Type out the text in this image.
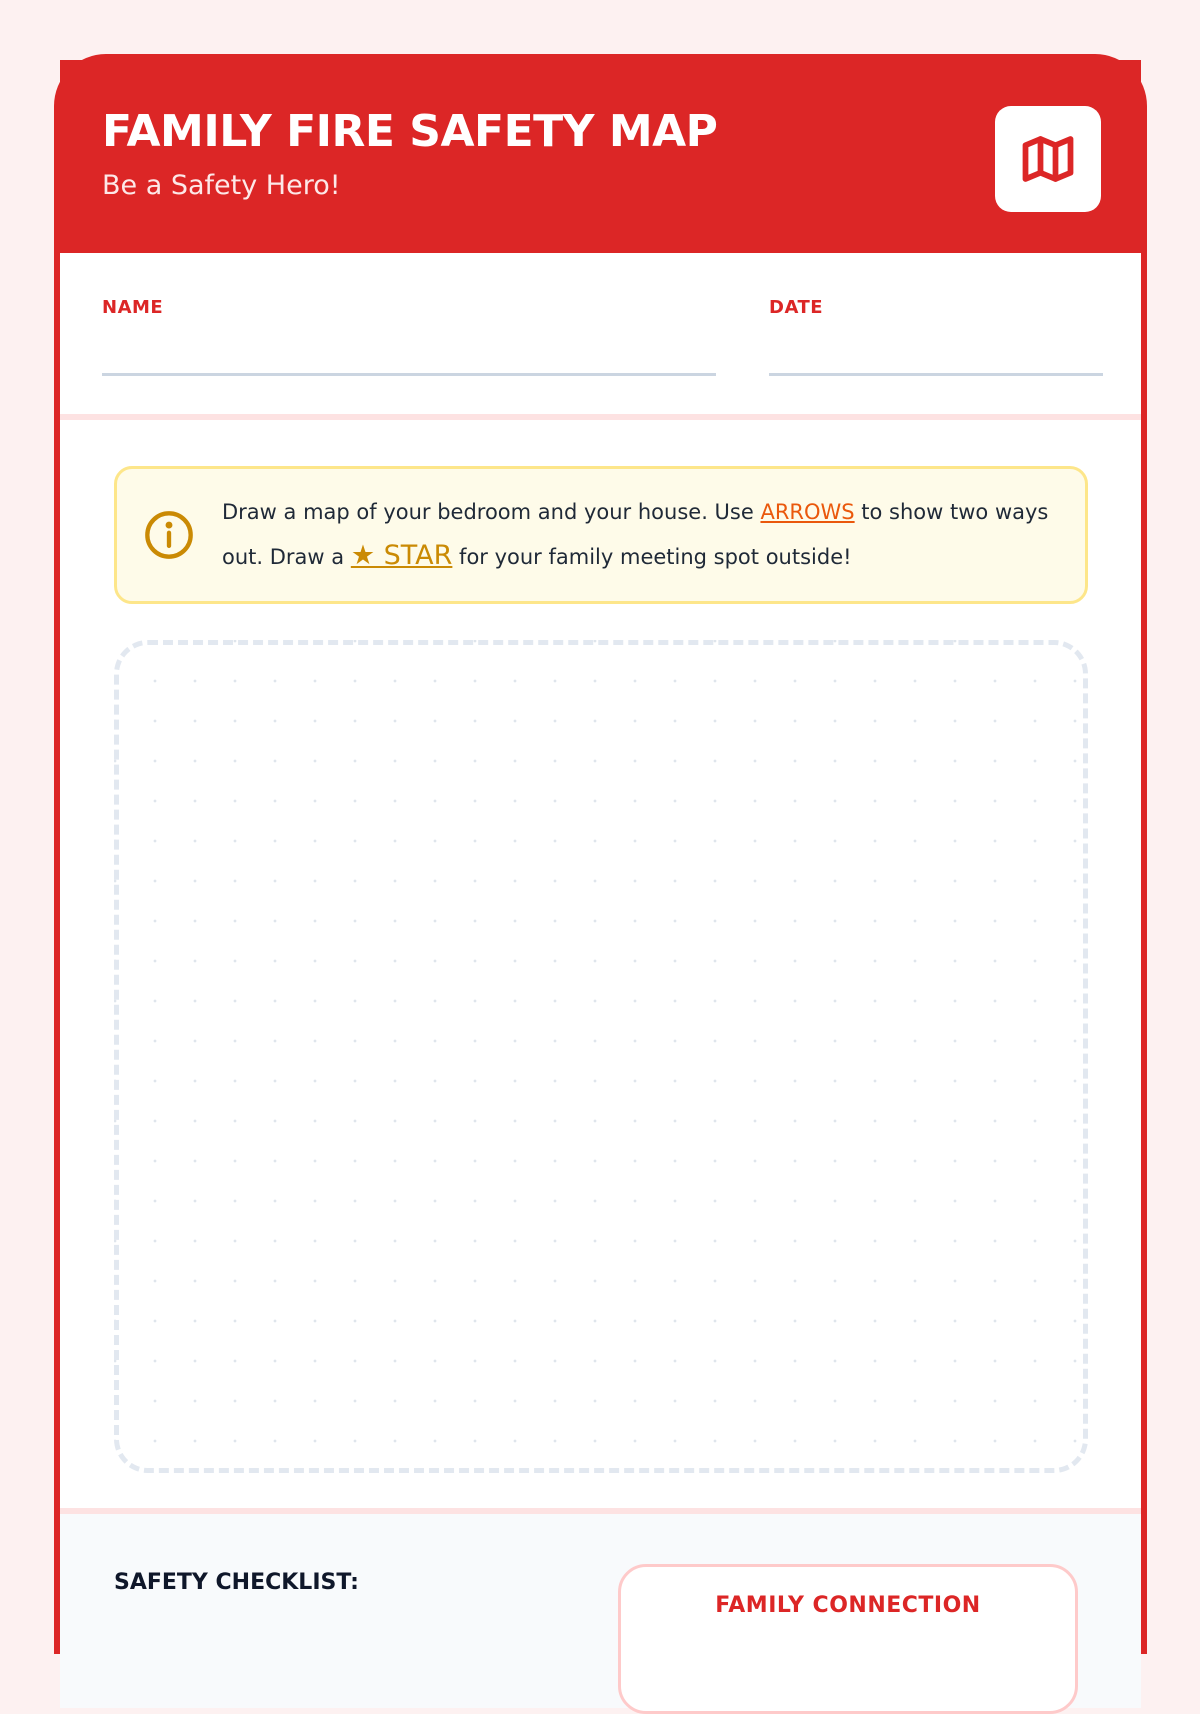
FAMILY FIRE SAFETY MAP
Be a Safety Hero!
NAME	DATE
Draw a map of your bedroom and your house. Use ARROWS to show two ways out. Draw a ★ STAR for your family meeting spot outside!
SAFETY CHECKLIST:
FAMILY CONNECTION
